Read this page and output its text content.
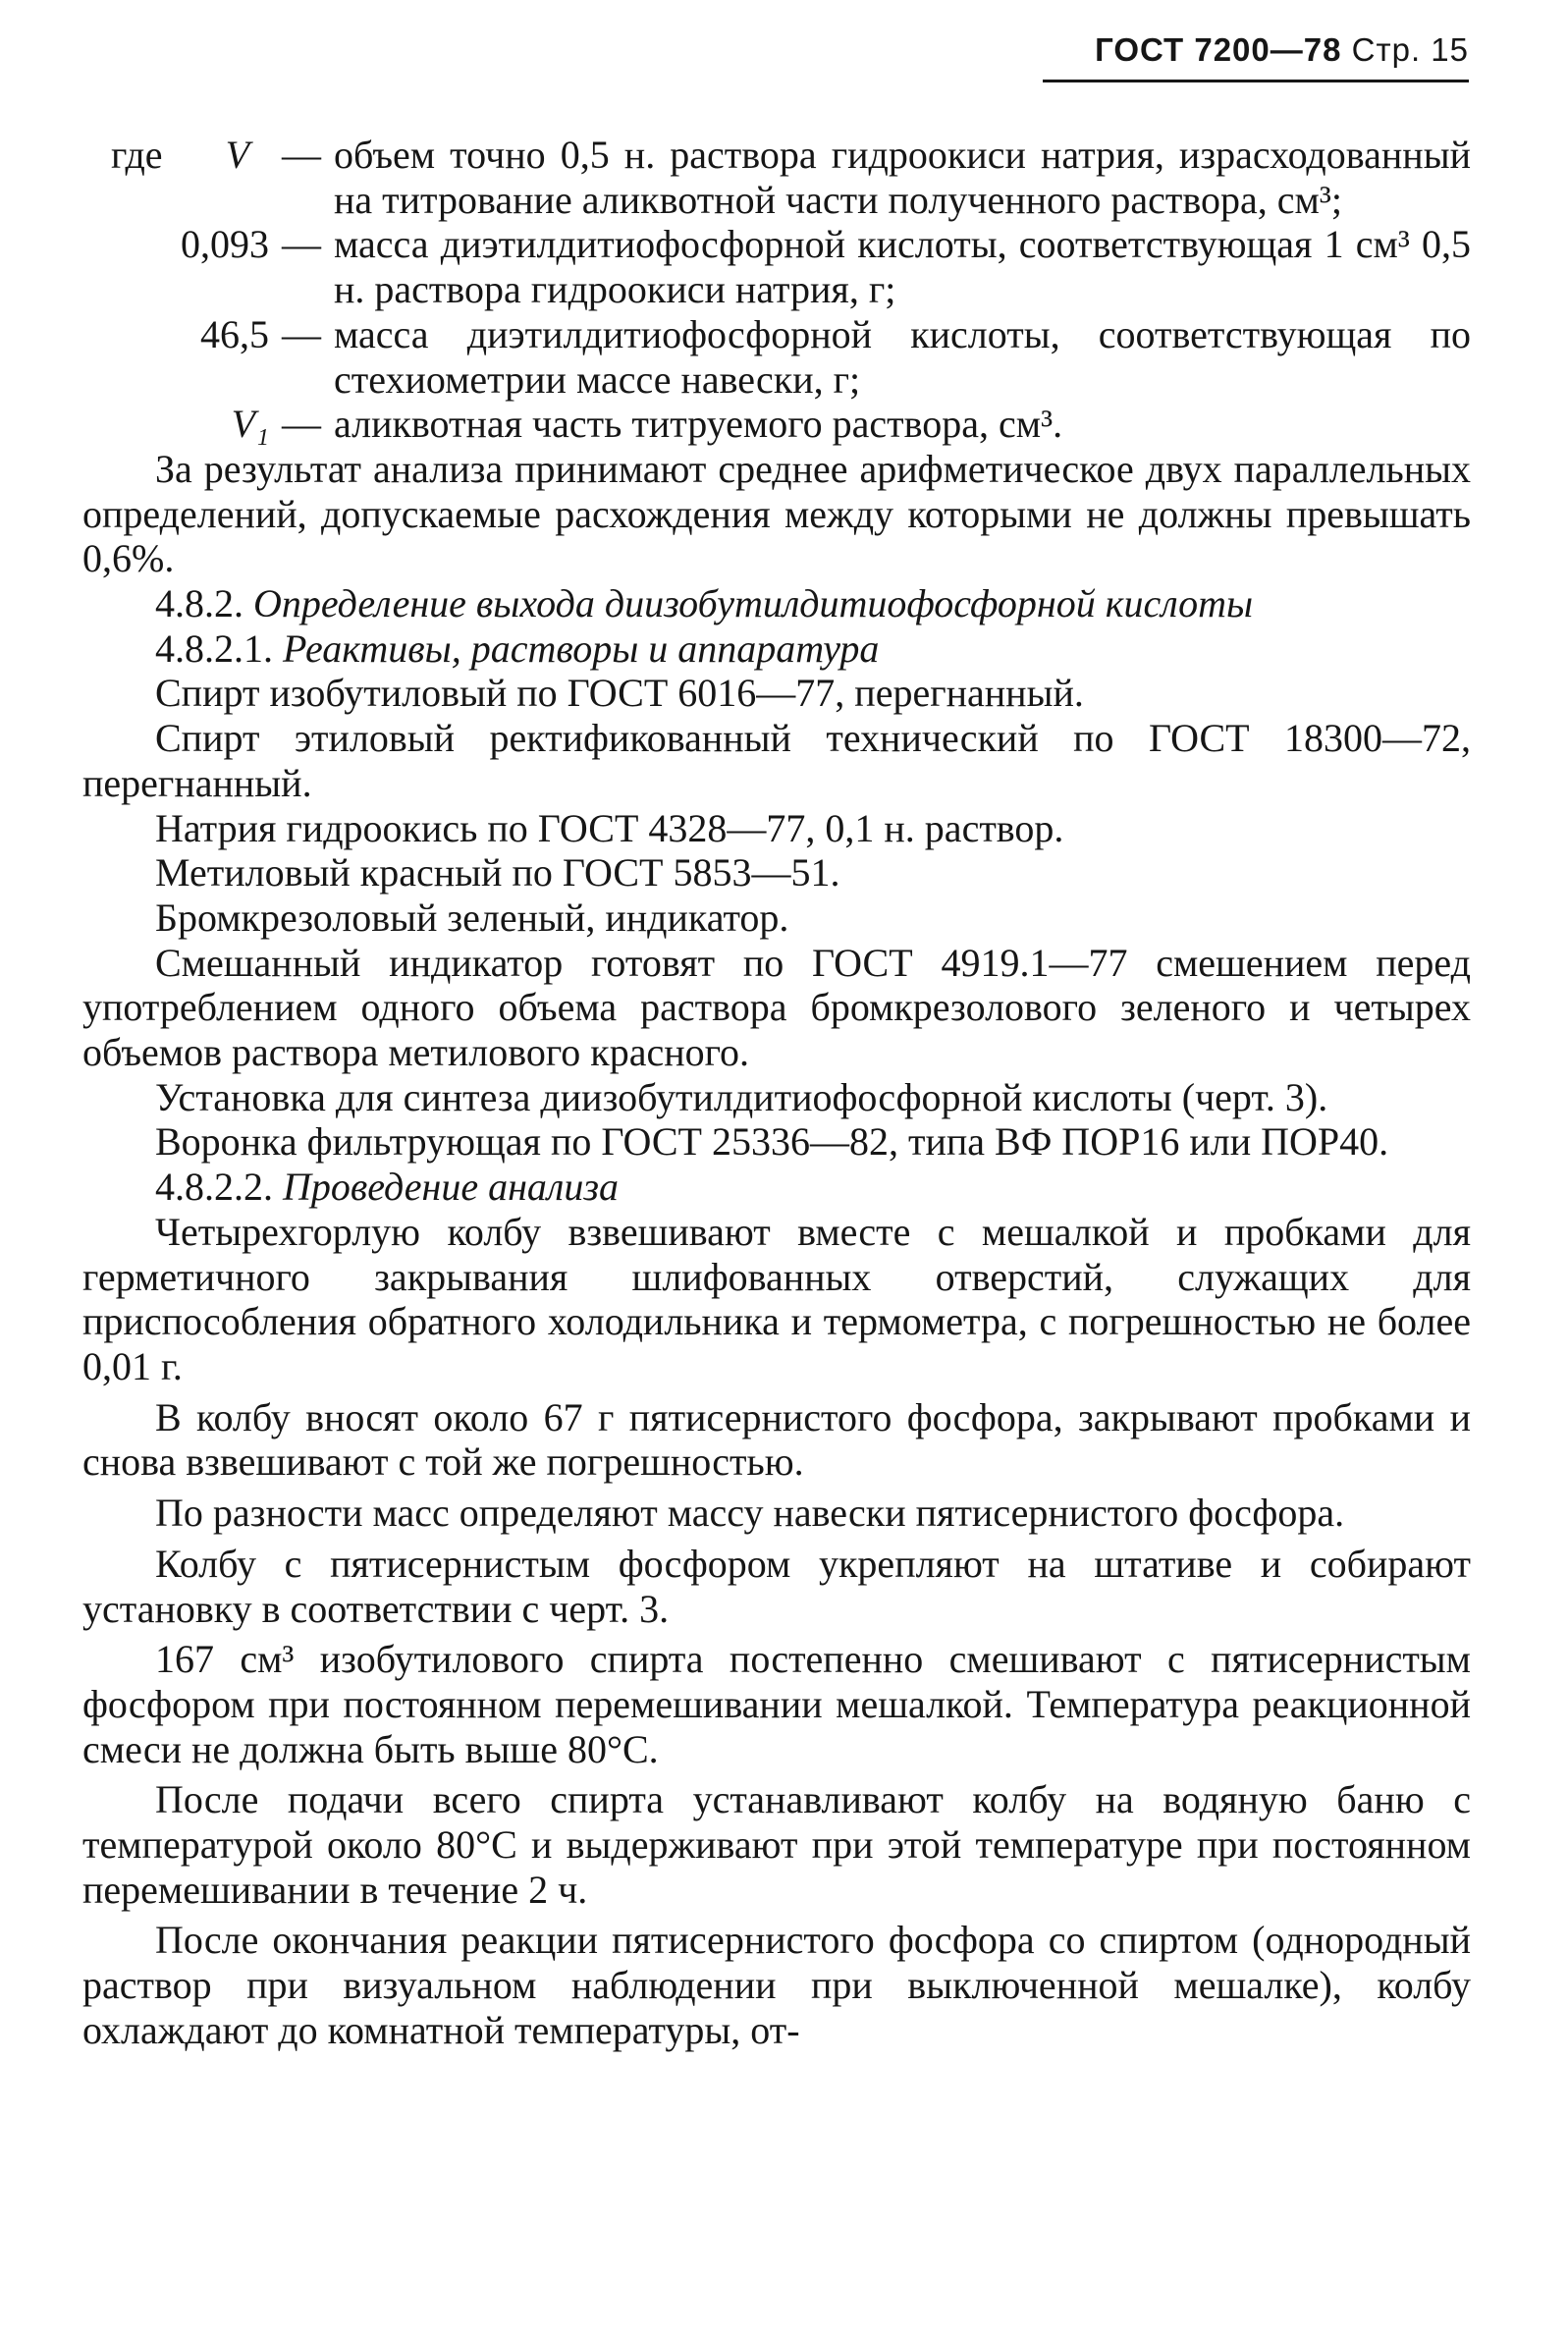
ГОСТ 7200—78 Стр. 15
где V — объем точно 0,5 н. раствора гидроокиси натрия, израсходованный на титрование аликвотной части полученного раствора, см³;
0,093 — масса диэтилдитиофосфорной кислоты, соответствующая 1 см³ 0,5 н. раствора гидроокиси натрия, г;
46,5 — масса диэтилдитиофосфорной кислоты, соответствующая по стехиометрии массе навески, г;
V₁ — аликвотная часть титруемого раствора, см³.

За результат анализа принимают среднее арифметическое двух параллельных определений, допускаемые расхождения между которыми не должны превышать 0,6%.

4.8.2. Определение выхода диизобутилдитиофосфорной кислоты

4.8.2.1. Реактивы, растворы и аппаратура

Спирт изобутиловый по ГОСТ 6016—77, перегнанный.

Спирт этиловый ректификованный технический по ГОСТ 18300—72, перегнанный.

Натрия гидроокись по ГОСТ 4328—77, 0,1 н. раствор.

Метиловый красный по ГОСТ 5853—51.

Бромкрезоловый зеленый, индикатор.

Смешанный индикатор готовят по ГОСТ 4919.1—77 смешением перед употреблением одного объема раствора бромкрезолового зеленого и четырех объемов раствора метилового красного.

Установка для синтеза диизобутилдитиофосфорной кислоты (черт. 3).

Воронка фильтрующая по ГОСТ 25336—82, типа ВФ ПОР16 или ПОР40.

4.8.2.2. Проведение анализа

Четырехгорлую колбу взвешивают вместе с мешалкой и пробками для герметичного закрывания шлифованных отверстий, служащих для приспособления обратного холодильника и термометра, с погрешностью не более 0,01 г.

В колбу вносят около 67 г пятисернистого фосфора, закрывают пробками и снова взвешивают с той же погрешностью.

По разности масс определяют массу навески пятисернистого фосфора.

Колбу с пятисернистым фосфором укрепляют на штативе и собирают установку в соответствии с черт. 3.

167 см³ изобутилового спирта постепенно смешивают с пятисернистым фосфором при постоянном перемешивании мешалкой. Температура реакционной смеси не должна быть выше 80°С.

После подачи всего спирта устанавливают колбу на водяную баню с температурой около 80°С и выдерживают при этой температуре при постоянном перемешивании в течение 2 ч.

После окончания реакции пятисернистого фосфора со спиртом (однородный раствор при визуальном наблюдении при выключенной мешалке), колбу охлаждают до комнатной температуры, от-
